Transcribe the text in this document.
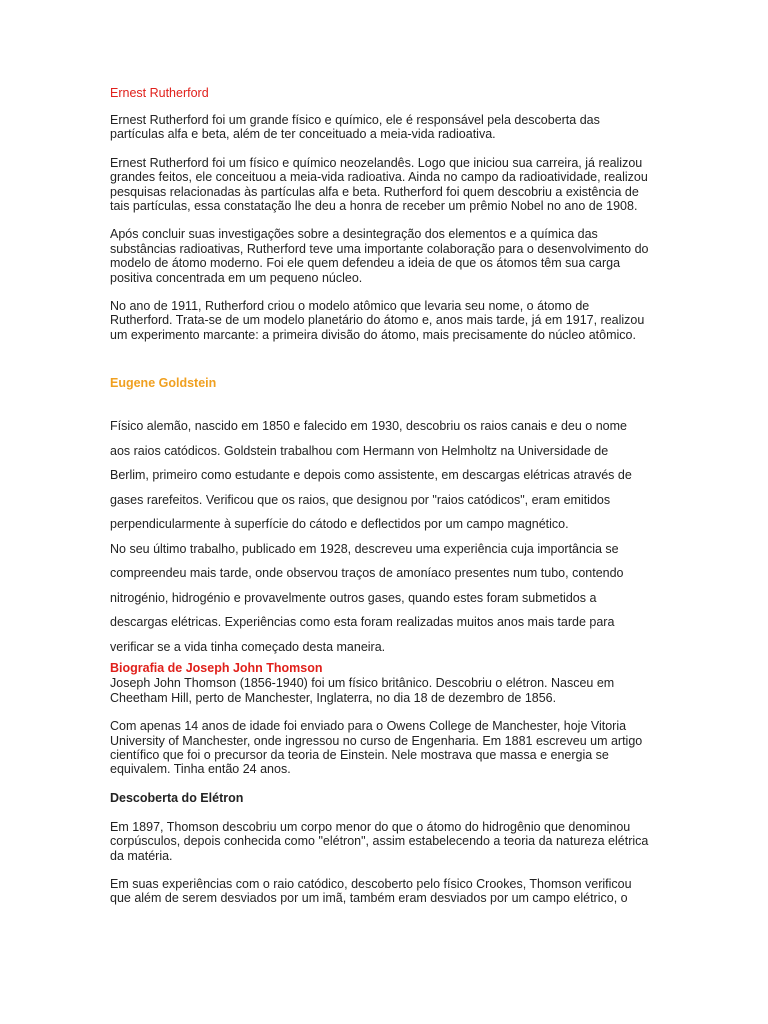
Ernest Rutherford

Ernest Rutherford foi um grande físico e químico, ele é responsável pela descoberta das partículas alfa e beta, além de ter conceituado a meia-vida radioativa.

Ernest Rutherford foi um físico e químico neozelandês. Logo que iniciou sua carreira, já realizou grandes feitos, ele conceituou a meia-vida radioativa. Ainda no campo da radioatividade, realizou pesquisas relacionadas às partículas alfa e beta. Rutherford foi quem descobriu a existência de tais partículas, essa constatação lhe deu a honra de receber um prêmio Nobel no ano de 1908.

Após concluir suas investigações sobre a desintegração dos elementos e a química das substâncias radioativas, Rutherford teve uma importante colaboração para o desenvolvimento do modelo de átomo moderno. Foi ele quem defendeu a ideia de que os átomos têm sua carga positiva concentrada em um pequeno núcleo.

No ano de 1911, Rutherford criou o modelo atômico que levaria seu nome, o átomo de Rutherford. Trata-se de um modelo planetário do átomo e, anos mais tarde, já em 1917, realizou um experimento marcante: a primeira divisão do átomo, mais precisamente do núcleo atômico.

Eugene Goldstein

Físico alemão, nascido em 1850 e falecido em 1930, descobriu os raios canais e deu o nome aos raios catódicos. Goldstein trabalhou com Hermann von Helmholtz na Universidade de Berlim, primeiro como estudante e depois como assistente, em descargas elétricas através de gases rarefeitos. Verificou que os raios, que designou por "raios catódicos", eram emitidos perpendicularmente à superfície do cátodo e deflectidos por um campo magnético.

No seu último trabalho, publicado em 1928, descreveu uma experiência cuja importância se compreendeu mais tarde, onde observou traços de amoníaco presentes num tubo, contendo nitrogénio, hidrogénio e provavelmente outros gases, quando estes foram submetidos a descargas elétricas. Experiências como esta foram realizadas muitos anos mais tarde para verificar se a vida tinha começado desta maneira.

Biografia de Joseph John Thomson

Joseph John Thomson (1856-1940) foi um físico britânico. Descobriu o elétron. Nasceu em Cheetham Hill, perto de Manchester, Inglaterra, no dia 18 de dezembro de 1856.

Com apenas 14 anos de idade foi enviado para o Owens College de Manchester, hoje Vitoria University of Manchester, onde ingressou no curso de Engenharia. Em 1881 escreveu um artigo científico que foi o precursor da teoria de Einstein. Nele mostrava que massa e energia se equivalem. Tinha então 24 anos.

Descoberta do Elétron

Em 1897, Thomson descobriu um corpo menor do que o átomo do hidrogênio que denominou corpúsculos, depois conhecida como "elétron", assim estabelecendo a teoria da natureza elétrica da matéria.

Em suas experiências com o raio catódico, descoberto pelo físico Crookes, Thomson verificou que além de serem desviados por um imã, também eram desviados por um campo elétrico, o
